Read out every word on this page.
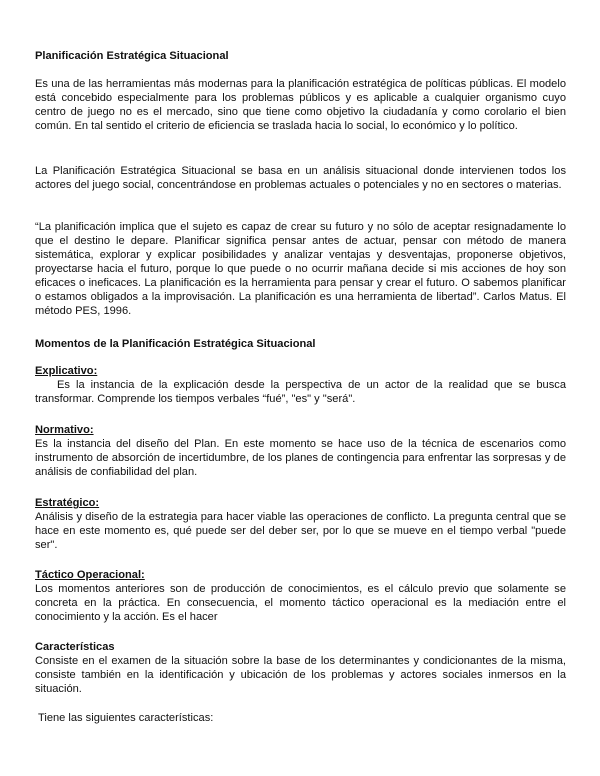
Planificación Estratégica Situacional

Es una de las herramientas más modernas para la planificación estratégica de políticas públicas. El modelo está concebido especialmente para los problemas públicos y es aplicable a cualquier organismo cuyo centro de juego no es el mercado, sino que tiene como objetivo la ciudadanía y como corolario el bien común. En tal sentido el criterio de eficiencia se traslada hacia lo social, lo económico y lo político.

La Planificación Estratégica Situacional se basa en un análisis situacional donde intervienen todos los actores del juego social, concentrándose en problemas actuales o potenciales y no en sectores o materias.

“La planificación implica que el sujeto es capaz de crear su futuro y no sólo de aceptar resignadamente lo que el destino le depare. Planificar significa pensar antes de actuar, pensar con método de manera sistemática, explorar y explicar posibilidades y analizar ventajas y desventajas, proponerse objetivos, proyectarse hacia el futuro, porque lo que puede o no ocurrir mañana decide si mis acciones de hoy son eficaces o ineficaces. La planificación es la herramienta para pensar y crear el futuro. O sabemos planificar o estamos obligados a la improvisación. La planificación es una herramienta de libertad”. Carlos Matus. El método PES, 1996.

Momentos de la Planificación Estratégica Situacional

Explicativo:
Es la instancia de la explicación desde la perspectiva de un actor de la realidad que se busca transformar. Comprende los tiempos verbales “fué”, "es" y "será".
Normativo:
Es la instancia del diseño del Plan. En este momento se hace uso de la técnica de escenarios como instrumento de absorción de incertidumbre, de los planes de contingencia para enfrentar las sorpresas y de análisis de confiabilidad del plan.
Estratégico:
Análisis y diseño de la estrategia para hacer viable las operaciones de conflicto. La pregunta central que se hace en este momento es, qué puede ser del deber ser, por lo que se mueve en el tiempo verbal "puede ser".
Táctico Operacional:
Los momentos anteriores son de producción de conocimientos, es el cálculo previo que solamente se concreta en la práctica. En consecuencia, el momento táctico operacional es la mediación entre el conocimiento y la acción. Es el hacer
Características
Consiste en el examen de la situación sobre la base de los determinantes y condicionantes de la misma, consiste también en la identificación y ubicación de los problemas y actores sociales inmersos en la situación.

Tiene las siguientes características:
